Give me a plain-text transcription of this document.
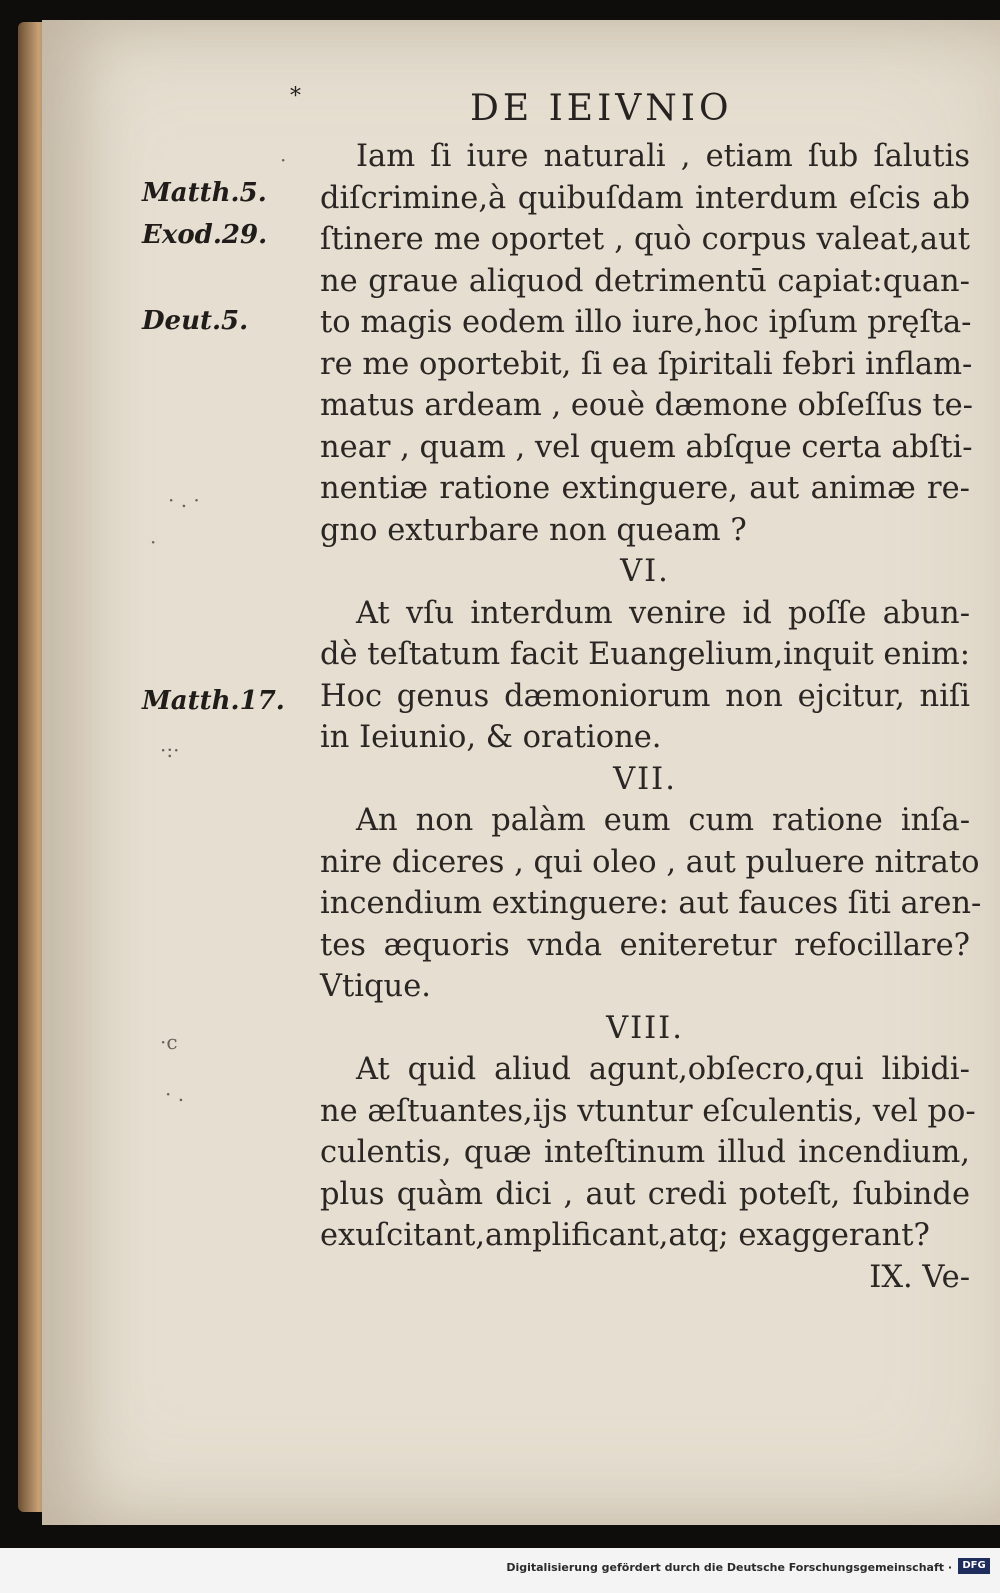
*	DE IEIVNIO
Matth.5.
Exod.29.
Deut.5.
Matth.17.
·
· . ·
·
·:·
·c
· .
Iam ſi iure naturali , etiam ſub ſalutis
diſcrimine,à quibuſdam interdum eſcis ab
ſtinere me oportet , quò corpus valeat,aut
ne graue aliquod detrimentū capiat:quan-
to magis eodem illo iure,hoc ipſum pręſta-
re me oportebit, ſi ea ſpiritali febri inflam-
matus ardeam , eouè dæmone obſeſſus te-
near , quam , vel quem abſque certa abſti-
nentiæ ratione extinguere, aut animæ re-
gno exturbare non queam ?
VI.
At vſu interdum venire id poſſe abun-
dè teſtatum facit Euangelium,inquit enim:
Hoc genus dæmoniorum non ejcitur, niſi
in Ieiunio, & oratione.
VII.
An non palàm eum cum ratione inſa-
nire diceres , qui oleo , aut puluere nitrato
incendium extinguere: aut fauces ſiti aren-
tes æquoris vnda eniteretur refocillare?
Vtique.
VIII.
At quid aliud agunt,obſecro,qui libidi-
ne æſtuantes,ijs vtuntur eſculentis, vel po-
culentis, quæ inteſtinum illud incendium,
plus quàm dici , aut credi poteſt, ſubinde
exuſcitant,amplificant,atq; exaggerant?
IX. Ve-
Digitalisierung gefördert durch die Deutsche Forschungsgemeinschaft ·	DFG
